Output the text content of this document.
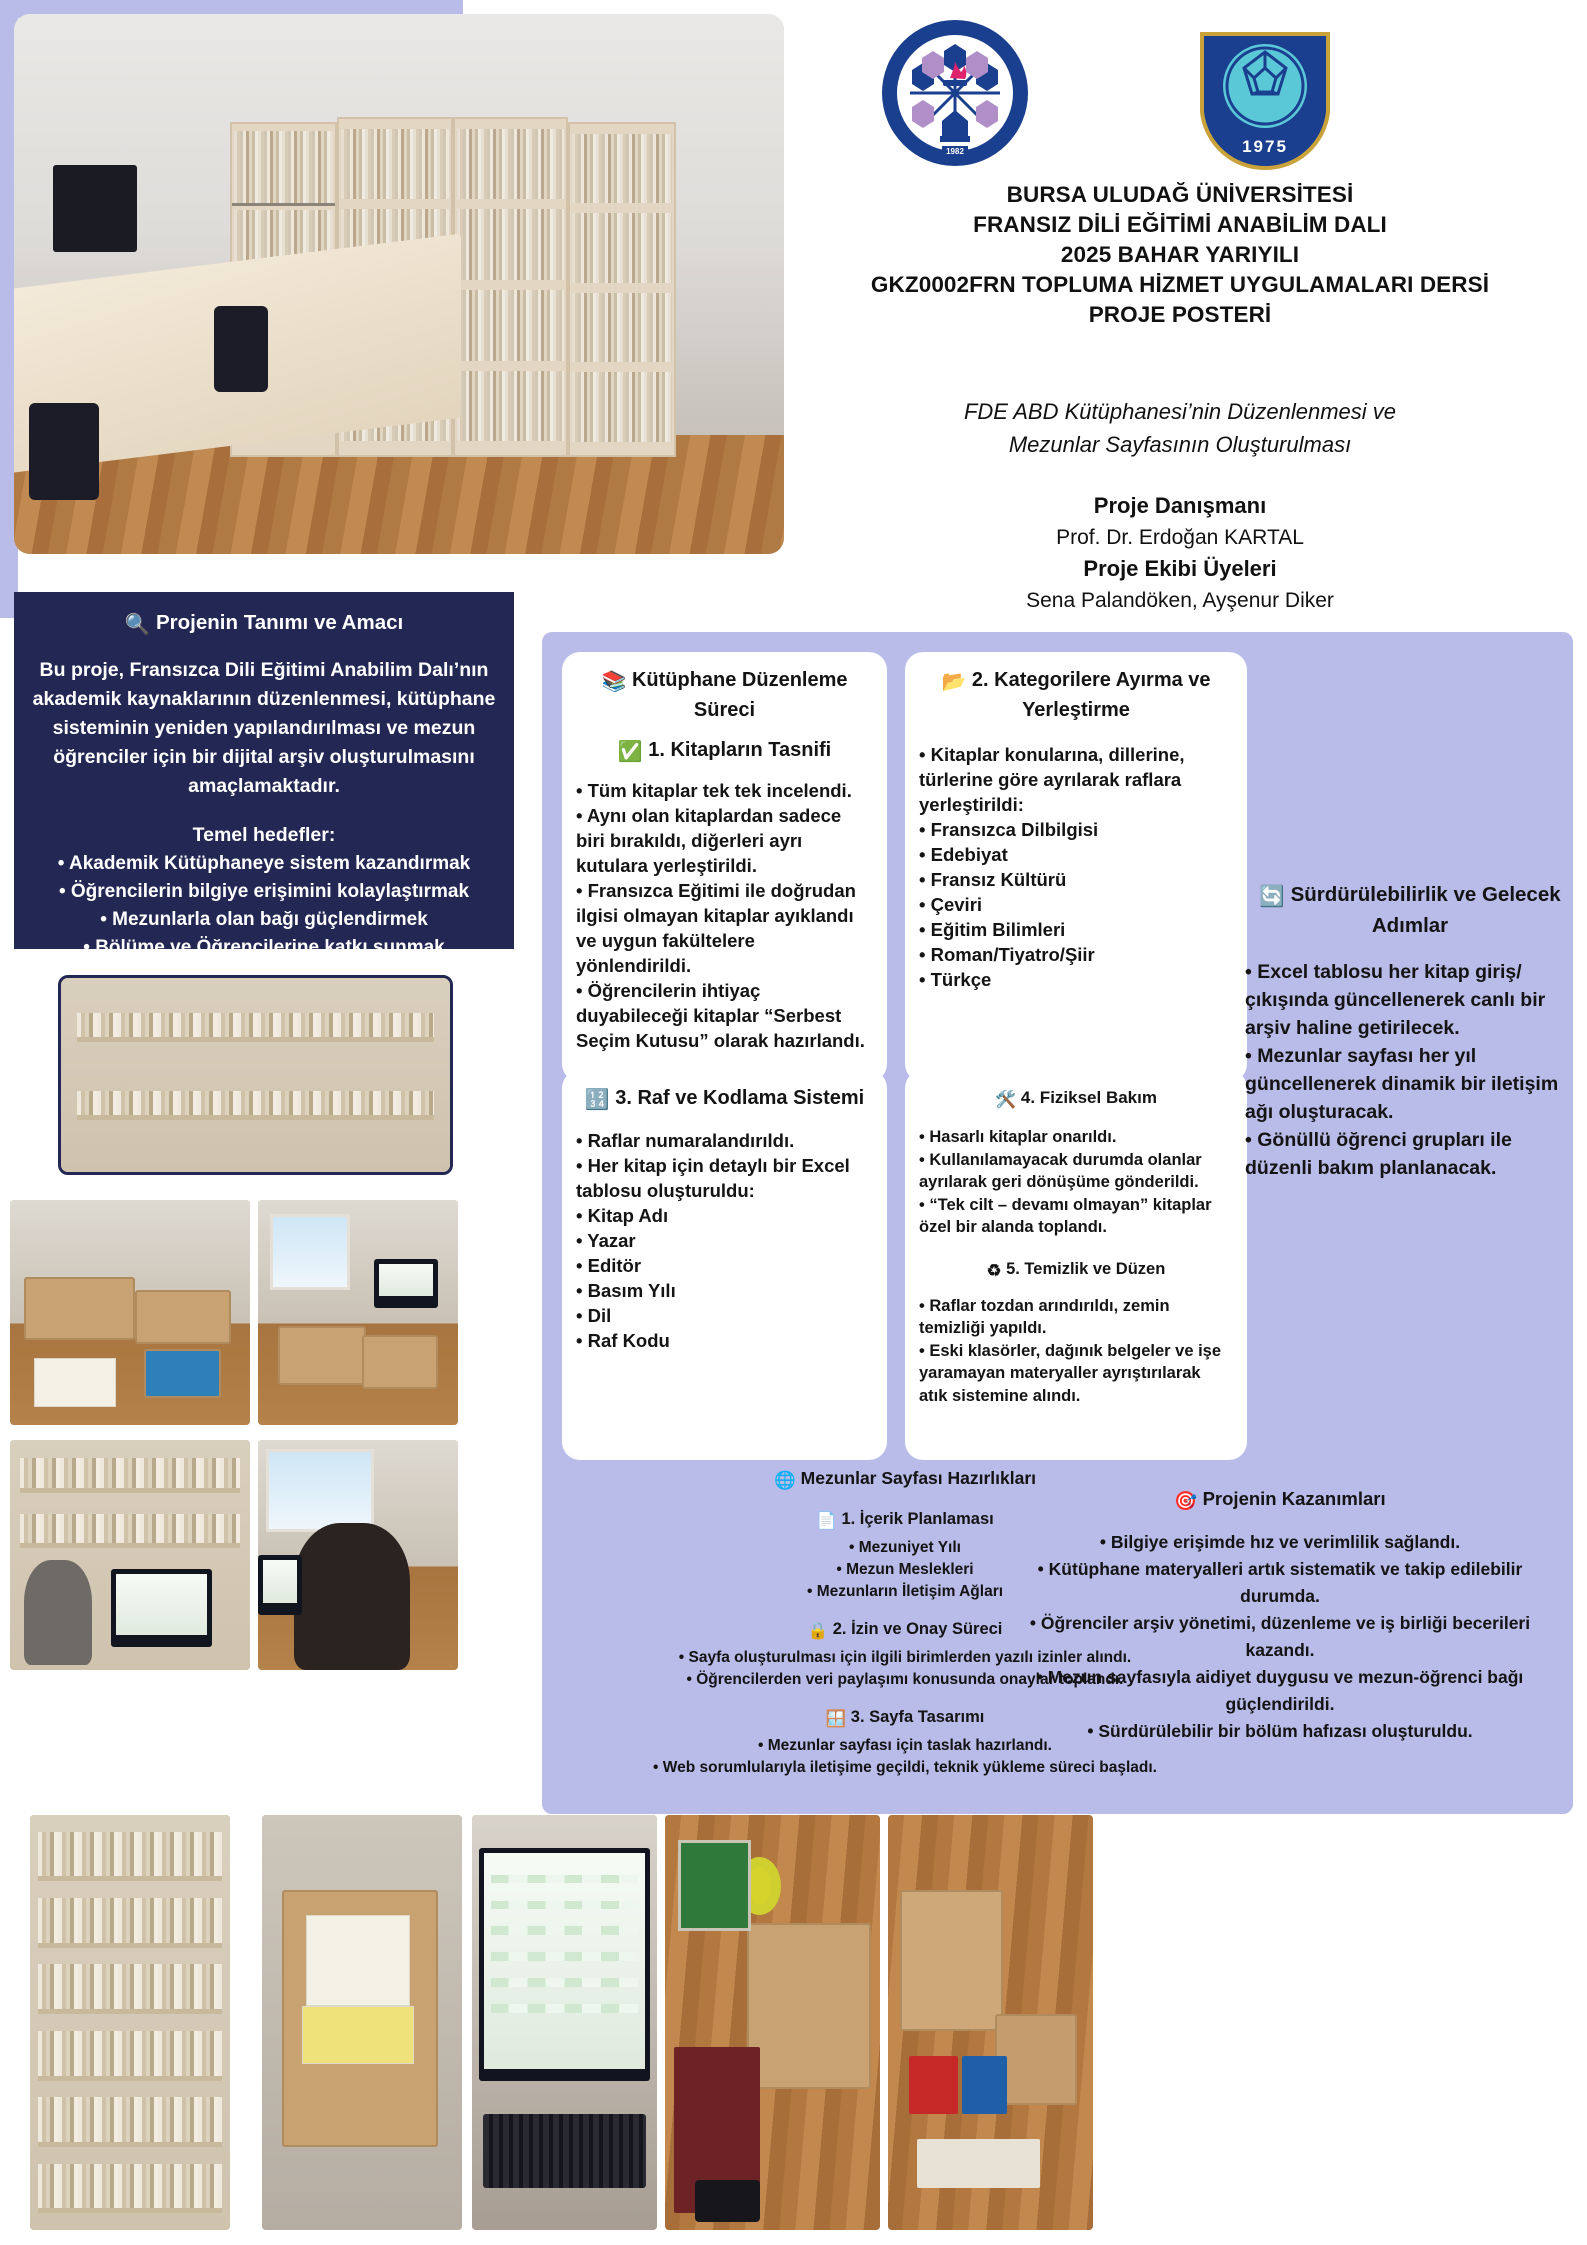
1982	1975
BURSA ULUDAĞ ÜNİVERSİTESİ
FRANSIZ DİLİ EĞİTİMİ ANABİLİM DALI
2025 BAHAR YARIYILI
GKZ0002FRN TOPLUMA HİZMET UYGULAMALARI DERSİ
PROJE POSTERİ
FDE ABD Kütüphanesi’nin Düzenlenmesi ve
Mezunlar Sayfasının Oluşturulması
Proje Danışmanı
Prof. Dr. Erdoğan KARTAL
Proje Ekibi Üyeleri
Sena Palandöken, Ayşenur Diker
🔍 Projenin Tanımı ve Amacı
Bu proje, Fransızca Dili Eğitimi Anabilim Dalı’nın akademik kaynaklarının düzenlenmesi, kütüphane sisteminin yeniden yapılandırılması ve mezun öğrenciler için bir dijital arşiv oluşturulmasını amaçlamaktadır.
Temel hedefler:
• Akademik Kütüphaneye sistem kazandırmak
• Öğrencilerin bilgiye erişimini kolaylaştırmak
• Mezunlarla olan bağı güçlendirmek
• Bölüme ve Öğrencilerine katkı sunmak
📚 Kütüphane Düzenleme Süreci
✅ 1. Kitapların Tasnifi
• Tüm kitaplar tek tek incelendi.
• Aynı olan kitaplardan sadece biri bırakıldı, diğerleri ayrı kutulara yerleştirildi.
• Fransızca Eğitimi ile doğrudan ilgisi olmayan kitaplar ayıklandı ve uygun fakültelere yönlendirildi.
• Öğrencilerin ihtiyaç duyabileceği kitaplar “Serbest Seçim Kutusu” olarak hazırlandı.
📂 2. Kategorilere Ayırma ve Yerleştirme
• Kitaplar konularına, dillerine, türlerine göre ayrılarak raflara yerleştirildi:
• Fransızca Dilbilgisi
• Edebiyat
• Fransız Kültürü
• Çeviri
• Eğitim Bilimleri
• Roman/Tiyatro/Şiir
• Türkçe
🔢 3. Raf ve Kodlama Sistemi
• Raflar numaralandırıldı.
• Her kitap için detaylı bir Excel tablosu oluşturuldu:
• Kitap Adı
• Yazar
• Editör
• Basım Yılı
• Dil
• Raf Kodu
🛠️ 4. Fiziksel Bakım
• Hasarlı kitaplar onarıldı.
• Kullanılamayacak durumda olanlar ayrılarak geri dönüşüme gönderildi.
• “Tek cilt – devamı olmayan” kitaplar özel bir alanda toplandı.
♻ 5. Temizlik ve Düzen
• Raflar tozdan arındırıldı, zemin temizliği yapıldı.
• Eski klasörler, dağınık belgeler ve işe yaramayan materyaller ayrıştırılarak atık sistemine alındı.
🔄 Sürdürülebilirlik ve Gelecek Adımlar
• Excel tablosu her kitap giriş/çıkışında güncellenerek canlı bir arşiv haline getirilecek.
• Mezunlar sayfası her yıl güncellenerek dinamik bir iletişim ağı oluşturacak.
• Gönüllü öğrenci grupları ile düzenli bakım planlanacak.
🌐 Mezunlar Sayfası Hazırlıkları
📄 1. İçerik Planlaması
• Mezuniyet Yılı
• Mezun Meslekleri
• Mezunların İletişim Ağları
🔒 2. İzin ve Onay Süreci
• Sayfa oluşturulması için ilgili birimlerden yazılı izinler alındı.
• Öğrencilerden veri paylaşımı konusunda onaylar toplandı.
🪟 3. Sayfa Tasarımı
• Mezunlar sayfası için taslak hazırlandı.
• Web sorumlularıyla iletişime geçildi, teknik yükleme süreci başladı.
🎯 Projenin Kazanımları
• Bilgiye erişimde hız ve verimlilik sağlandı.
• Kütüphane materyalleri artık sistematik ve takip edilebilir durumda.
• Öğrenciler arşiv yönetimi, düzenleme ve iş birliği becerileri kazandı.
• Mezun sayfasıyla aidiyet duygusu ve mezun-öğrenci bağı güçlendirildi.
• Sürdürülebilir bir bölüm hafızası oluşturuldu.
